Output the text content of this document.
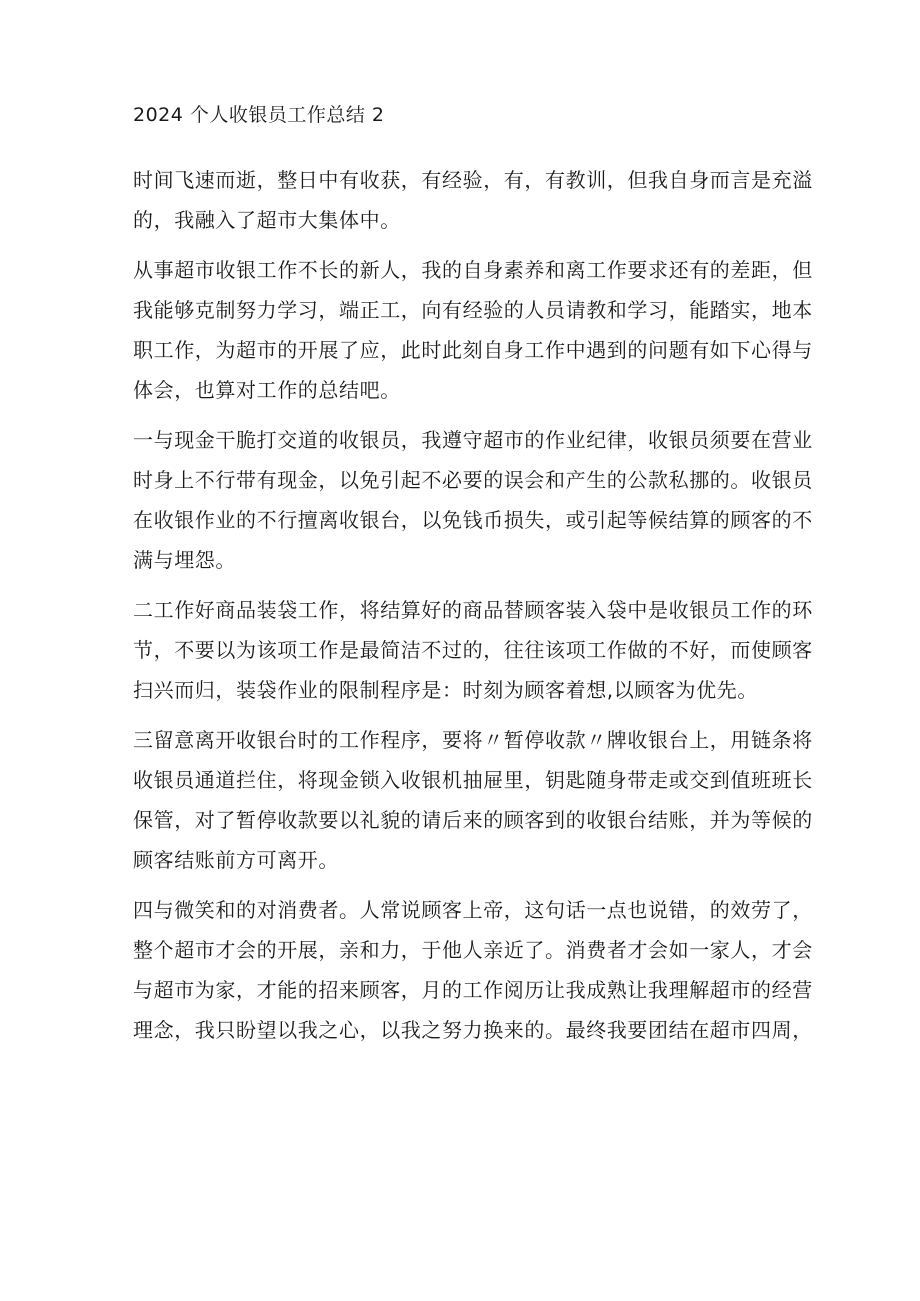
2024 个人收银员工作总结 2
时间飞速而逝，整日中有收获，有经验，有，有教训，但我自身而言是充溢
的，我融入了超市大集体中。
从事超市收银工作不长的新人，我的自身素养和离工作要求还有的差距，但
我能够克制努力学习，端正工，向有经验的人员请教和学习，能踏实，地本
职工作，为超市的开展了应，此时此刻自身工作中遇到的问题有如下心得与
体会，也算对工作的总结吧。
一与现金干脆打交道的收银员，我遵守超市的作业纪律，收银员须要在营业
时身上不行带有现金，以免引起不必要的误会和产生的公款私挪的。收银员
在收银作业的不行擅离收银台，以免钱币损失，或引起等候结算的顾客的不
满与埋怨。
二工作好商品装袋工作，将结算好的商品替顾客装入袋中是收银员工作的环
节，不要以为该项工作是最简洁不过的，往往该项工作做的不好，而使顾客
扫兴而归，装袋作业的限制程序是：时刻为顾客着想,以顾客为优先。
三留意离开收银台时的工作程序，要将〃暂停收款〃牌收银台上，用链条将
收银员通道拦住，将现金锁入收银机抽屉里，钥匙随身带走或交到值班班长
保管，对了暂停收款要以礼貌的请后来的顾客到的收银台结账，并为等候的
顾客结账前方可离开。
四与微笑和的对消费者。人常说顾客上帝，这句话一点也说错，的效劳了，
整个超市才会的开展，亲和力，于他人亲近了。消费者才会如一家人，才会
与超市为家，才能的招来顾客，月的工作阅历让我成熟让我理解超市的经营
理念，我只盼望以我之心，以我之努力换来的。最终我要团结在超市四周，
